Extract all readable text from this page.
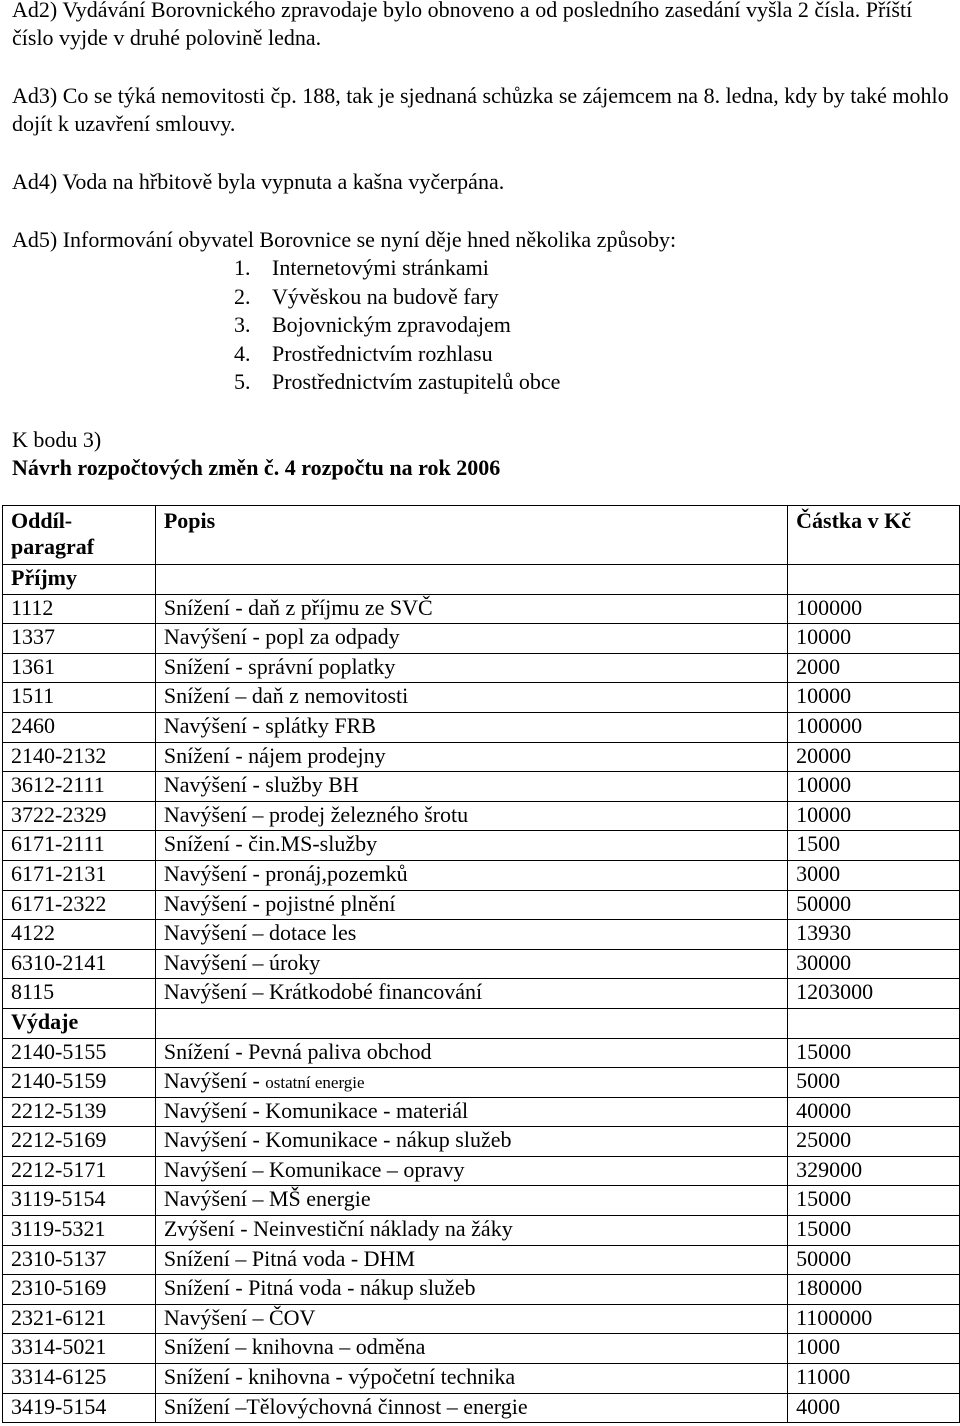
Ad2) Vydávání Borovnického zpravodaje bylo obnoveno a od posledního zasedání vyšla 2 čísla. Příští číslo vyjde v druhé polovině ledna.
Ad3) Co se týká nemovitosti čp. 188, tak je sjednaná schůzka se zájemcem na 8. ledna, kdy by také mohlo dojít k uzavření smlouvy.
Ad4) Voda na hřbitově byla vypnuta a kašna vyčerpána.
Ad5) Informování obyvatel Borovnice se nyní děje hned několika způsoby:
1. Internetovými stránkami
2. Vývěskou na budově fary
3. Bojovnickým zpravodajem
4. Prostřednictvím rozhlasu
5. Prostřednictvím zastupitelů obce
K bodu 3)
Návrh rozpočtových změn č. 4 rozpočtu na rok 2006
Oddíl-paragraf	Popis	Částka v Kč
Příjmy		
1112	Snížení - daň z příjmu ze SVČ	100000
1337	Navýšení - popl za odpady	10000
1361	Snížení - správní poplatky	2000
1511	Snížení – daň z nemovitosti	10000
2460	Navýšení - splátky FRB	100000
2140-2132	Snížení - nájem prodejny	20000
3612-2111	Navýšení - služby BH	10000
3722-2329	Navýšení – prodej železného šrotu	10000
6171-2111	Snížení - čin.MS-služby	1500
6171-2131	Navýšení - pronáj,pozemků	3000
6171-2322	Navýšení - pojistné plnění	50000
4122	Navýšení – dotace les	13930
6310-2141	Navýšení – úroky	30000
8115	Navýšení – Krátkodobé financování	1203000
Výdaje		
2140-5155	Snížení - Pevná paliva obchod	15000
2140-5159	Navýšení - ostatní energie	5000
2212-5139	Navýšení - Komunikace - materiál	40000
2212-5169	Navýšení - Komunikace - nákup služeb	25000
2212-5171	Navýšení – Komunikace – opravy	329000
3119-5154	Navýšení – MŠ energie	15000
3119-5321	Zvýšení - Neinvestiční náklady na žáky	15000
2310-5137	Snížení – Pitná voda - DHM	50000
2310-5169	Snížení - Pitná voda - nákup služeb	180000
2321-6121	Navýšení – ČOV	1100000
3314-5021	Snížení – knihovna – odměna	1000
3314-6125	Snížení - knihovna - výpočetní technika	11000
3419-5154	Snížení –Tělovýchovná činnost – energie	4000
